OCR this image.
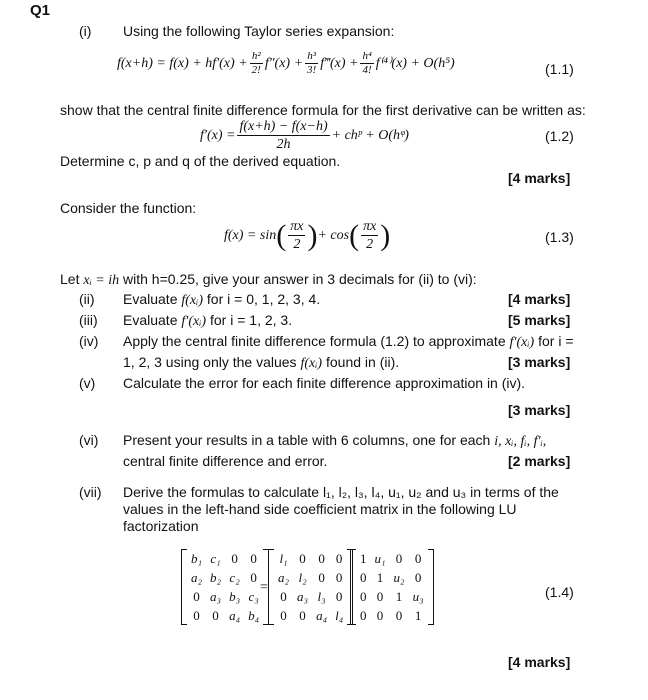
Q1
(i) Using the following Taylor series expansion:
$f(x+h) = f(x) + hf'(x) + \frac{\text{h²}}{2!} f''(x) + \frac{\text{h³}}{3!}$ f‴(x) + $\frac{\text{h⁴}}{4!} f^{(4)}(x) + O(h^5)$	(1.1)
show that the central finite difference formula for the first derivative can be written as:
$f'(x) = \frac{f(x+h) - f(x-h)}{2h}$ + chᵖ + O(hᵠ)	(1.2)
Determine c, p and q of the derived equation.
[4 marks]
Consider the function:
f(x) = sin ( $\frac{\pi x}{2}$ ) + cos ( $\frac{\pi x}{2}$ )	(1.3)
Let xᵢ = ih with h=0.25, give your answer in 3 decimals for (ii) to (vi):
(ii) Evaluate f(xᵢ) for i = 0, 1, 2, 3, 4.	[4 marks]
(iii) Evaluate f′(xᵢ) for i = 1, 2, 3.	[5 marks]
(iv) Apply the central finite difference formula (1.2) to approximate f′(xᵢ) for i =
1, 2, 3 using only the values f(xᵢ) found in (ii).	[3 marks]
(v) Calculate the error for each finite difference approximation in (iv).
[3 marks]
(vi) Present your results in a table with 6 columns, one for each i, xᵢ, fᵢ, f′ᵢ,
central finite difference and error.	[2 marks]
(vii) Derive the formulas to calculate l₁, l₂, l₃, l₄, u₁, u₂ and u₃ in terms of the
values in the left-hand side coefficient matrix in the following LU
factorization
b₁	c₁	0	0
a₂	b₂	c₂	0
0	a₃	b₃	c₃
0	0	a₄	b₄
=
l₁	0	0	0
a₂	l₂	0	0
0	a₃	l₃	0
0	0	a₄	l₄
1	u₁	0	0
0	1	u₂	0
0	0	1	u₃
0	0	0	1
(1.4)
[4 marks]
